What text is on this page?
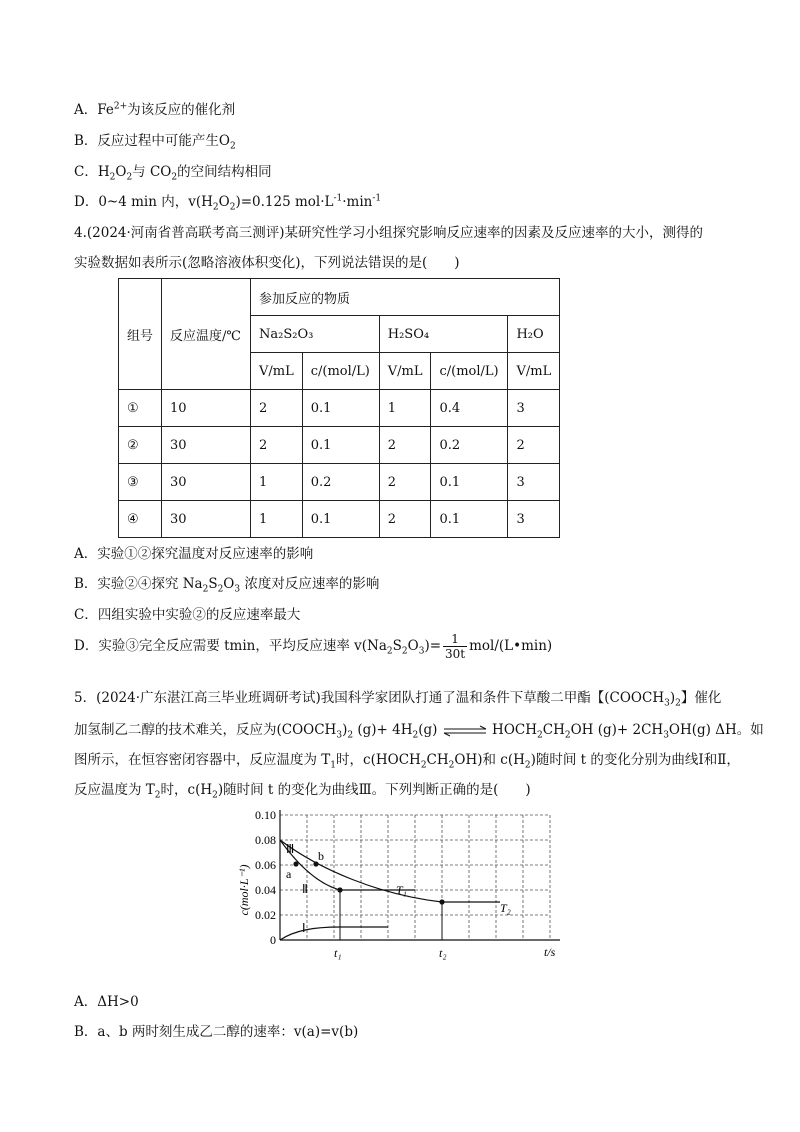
A．$Fe^{2+}$为该反应的催化剂
B．反应过程中可能产生$O_2$
C．$H_2O_2$与 $CO_2$的空间结构相同
D．0~4 min 内，$v(H_2O_2)=0.125$ $mol\cdot L^{-1}\cdot\min^{-1}$
4.(2024·河南省普高联考高三测评)某研究性学习小组探究影响反应速率的因素及反应速率的大小，测得的
实验数据如表所示(忽略溶液体积变化)，下列说法错误的是(　　)
组号	反应温度/℃	参加反应的物质				
		Na₂S₂O₃		H₂SO₄		H₂O
		V/mL	c/(mol/L)	V/mL	c/(mol/L)	V/mL
①	10	2	0.1	1	0.4	3
②	30	2	0.1	2	0.2	2
③	30	1	0.2	2	0.1	3
④	30	1	0.1	2	0.1	3
A．实验①②探究温度对反应速率的影响
B．实验②④探究 $Na_2S_2O_3$ 浓度对反应速率的影响
C．四组实验中实验②的反应速率最大
D．实验③完全反应需要 tmin，平均反应速率 $v(Na_2S_2O_3)= \frac{1}{30t}$ mol/(L•min)
5．(2024·广东湛江高三毕业班调研考试)我国科学家团队打通了温和条件下草酸二甲酯【$(COOCH_3)_2$】催化
加氢制乙二醇的技术难关，反应为$(COOCH_3)_2$ $(g)+ 4H_2(g)$ ⇌ $HOCH_2CH_2OH$ $(g)+ 2CH_3OH(g)$ ΔH。如
图所示，在恒容密闭容器中，反应温度为 $T_1$时，$c(HOCH_2CH_2OH)$和 $c(H_2)$随时间 t 的变化分别为曲线Ⅰ和Ⅱ，
反应温度为 $T_2$时，$c(H_2)$随时间 t 的变化为曲线Ⅲ。下列判断正确的是(　　)
0.10
0.08
0.06
0.04
0.02
0
c(mol·L⁻¹)
t/s
t₁	t₂
Ⅲ
a
b
Ⅱ
Ⅰ
T₁
T₂
A．ΔH>0
B．a、b 两时刻生成乙二醇的速率：v(a)=v(b)
